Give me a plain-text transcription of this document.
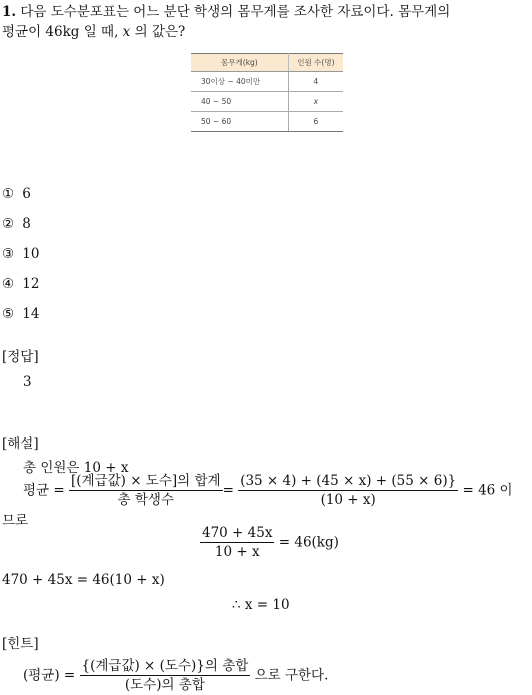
1. 다음 도수분포표는 어느 분단 학생의 몸무게를 조사한 자료이다. 몸무게의
평균이 46kg 일 때, x 의 값은?
몸무게(kg)	인원 수(명)
30이상 ~ 40미만	4
40 ~ 50	x
50 ~ 60	6
① 6
② 8
③ 10
④ 12
⑤ 14
[정답]
3
[해설]
총 인원은 10 + x
평균 = $\frac{\text{[(계급값) × 도수]의 합계}}{\text{총 학생수}} = \frac{(35 \times 4) + (45 \times x) + (55 \times 6)\}}{(10 + x)} = 46$ 이
므로
$\frac{470 + 45x}{10 + x} = 46(kg)$
470 + 45x = 46(10 + x)
∴ x = 10
[힌트]
(평균) = $\frac{\text{\{(계급값) × (도수)\}의 총합}}{\text{(도수)의 총합}}$ 으로 구한다.
